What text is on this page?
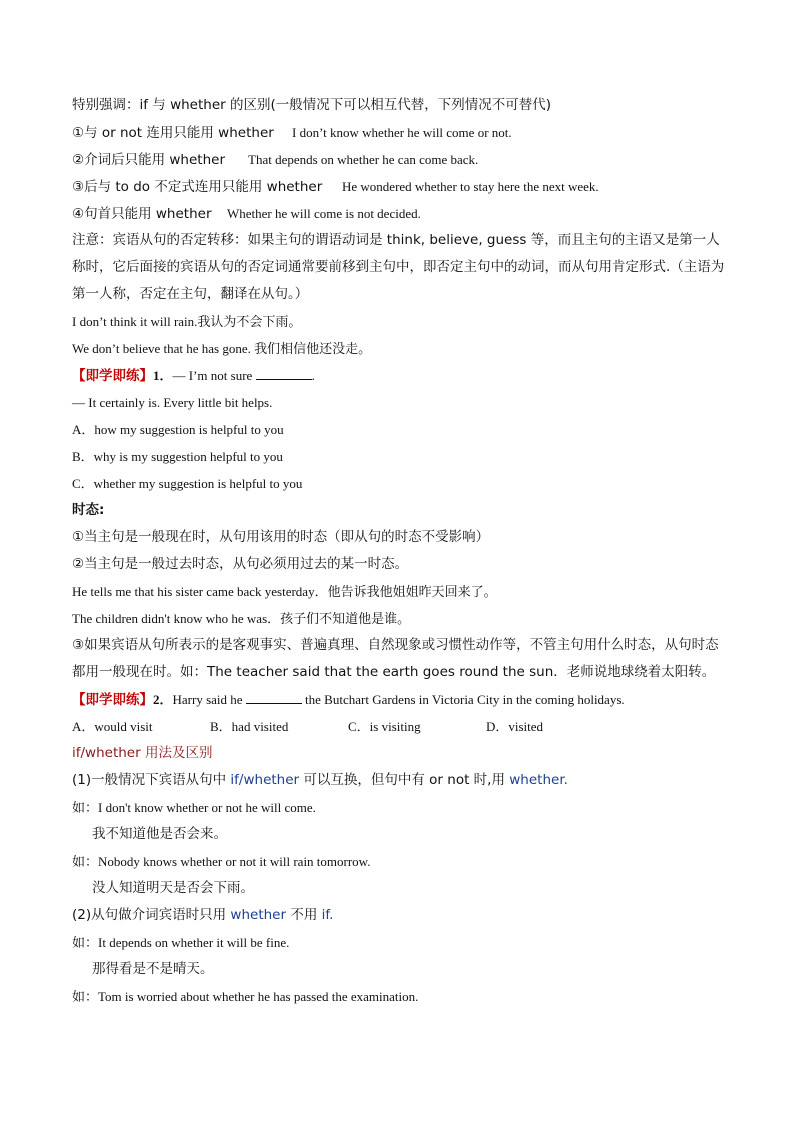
特别强调：if 与 whether 的区别(一般情况下可以相互代替，下列情况不可替代)
①与 or not 连用只能用 whether I don’t know whether he will come or not.
②介词后只能用 whether That depends on whether he can come back.
③后与 to do 不定式连用只能用 whether He wondered whether to stay here the next week.
④句首只能用 whether Whether he will come is not decided.
注意：宾语从句的否定转移：如果主句的谓语动词是 think, believe, guess 等，而且主句的主语又是第一人称时，它后面接的宾语从句的否定词通常要前移到主句中，即否定主句中的动词，而从句用肯定形式.（主语为第一人称，否定在主句，翻译在从句。）
I don’t think it will rain.我认为不会下雨。
We don’t believe that he has gone. 我们相信他还没走。
【即学即练】1．— I’m not sure	.
— It certainly is. Every little bit helps.
A．how my suggestion is helpful to you
B．why is my suggestion helpful to you
C．whether my suggestion is helpful to you
时态:
①当主句是一般现在时，从句用该用的时态（即从句的时态不受影响）
②当主句是一般过去时态，从句必须用过去的某一时态。
He tells me that his sister came back yesterday．他告诉我他姐姐昨天回来了。
The children didn't know who he was．孩子们不知道他是谁。
③如果宾语从句所表示的是客观事实、普遍真理、自然现象或习惯性动作等，不管主句用什么时态，从句时态都用一般现在时。如：The teacher said that the earth goes round the sun．老师说地球绕着太阳转。
【即学即练】2．Harry said he	the Butchart Gardens in Victoria City in the coming holidays.
A．would visit	B．had visited	C．is visiting	D．visited
if/whether 用法及区别
(1)一般情况下宾语从句中 if/whether 可以互换，但句中有 or not 时,用 whether.
如：I don't know whether or not he will come.
我不知道他是否会来。
如：Nobody knows whether or not it will rain tomorrow.
没人知道明天是否会下雨。
(2)从句做介词宾语时只用 whether 不用 if.
如：It depends on whether it will be fine.
那得看是不是晴天。
如：Tom is worried about whether he has passed the examination.
